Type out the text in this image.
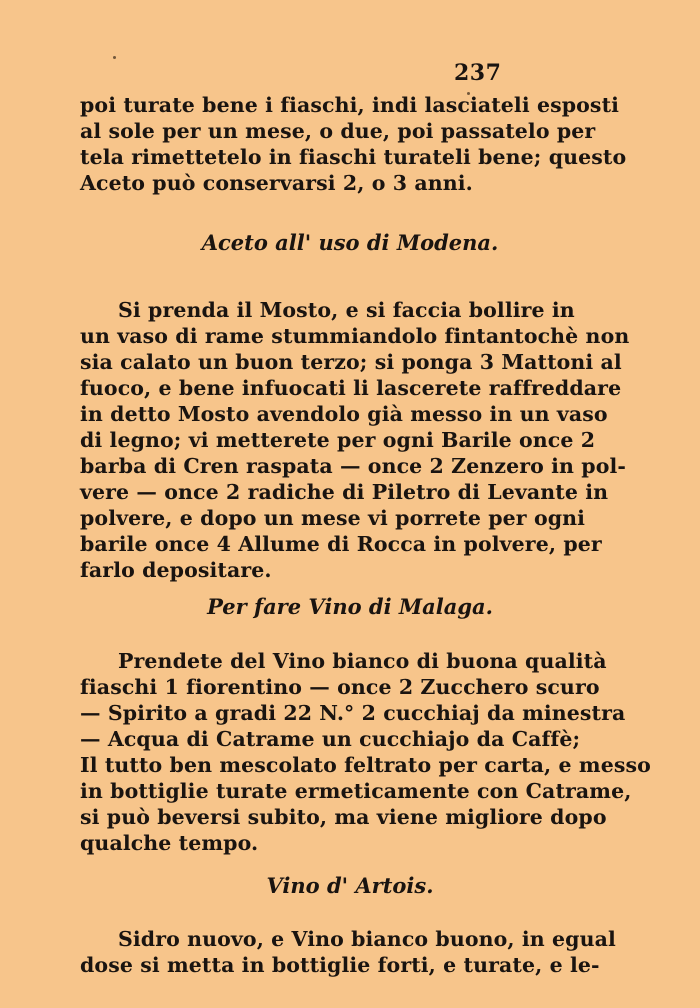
237
poi turate bene i fiaschi, indi lasciateli esposti
al sole per un mese, o due, poi passatelo per
tela rimettetelo in fiaschi turateli bene; questo
Aceto può conservarsi 2, o 3 anni.
Aceto all' uso di Modena.
Si prenda il Mosto, e si faccia bollire in
un vaso di rame stummiandolo fintantochè non
sia calato un buon terzo; si ponga 3 Mattoni al
fuoco, e bene infuocati li lascerete raffreddare
in detto Mosto avendolo già messo in un vaso
di legno; vi metterete per ogni Barile once 2
barba di Cren raspata — once 2 Zenzero in pol-
vere — once 2 radiche di Piletro di Levante in
polvere, e dopo un mese vi porrete per ogni
barile once 4 Allume di Rocca in polvere, per
farlo depositare.
Per fare Vino di Malaga.
Prendete del Vino bianco di buona qualità
fiaschi 1 fiorentino — once 2 Zucchero scuro
— Spirito a gradi 22 N.° 2 cucchiaj da minestra
— Acqua di Catrame un cucchiajo da Caffè;
Il tutto ben mescolato feltrato per carta, e messo
in bottiglie turate ermeticamente con Catrame,
si può beversi subito, ma viene migliore dopo
qualche tempo.
Vino d' Artois.
Sidro nuovo, e Vino bianco buono, in egual
dose si metta in bottiglie forti, e turate, e le-
